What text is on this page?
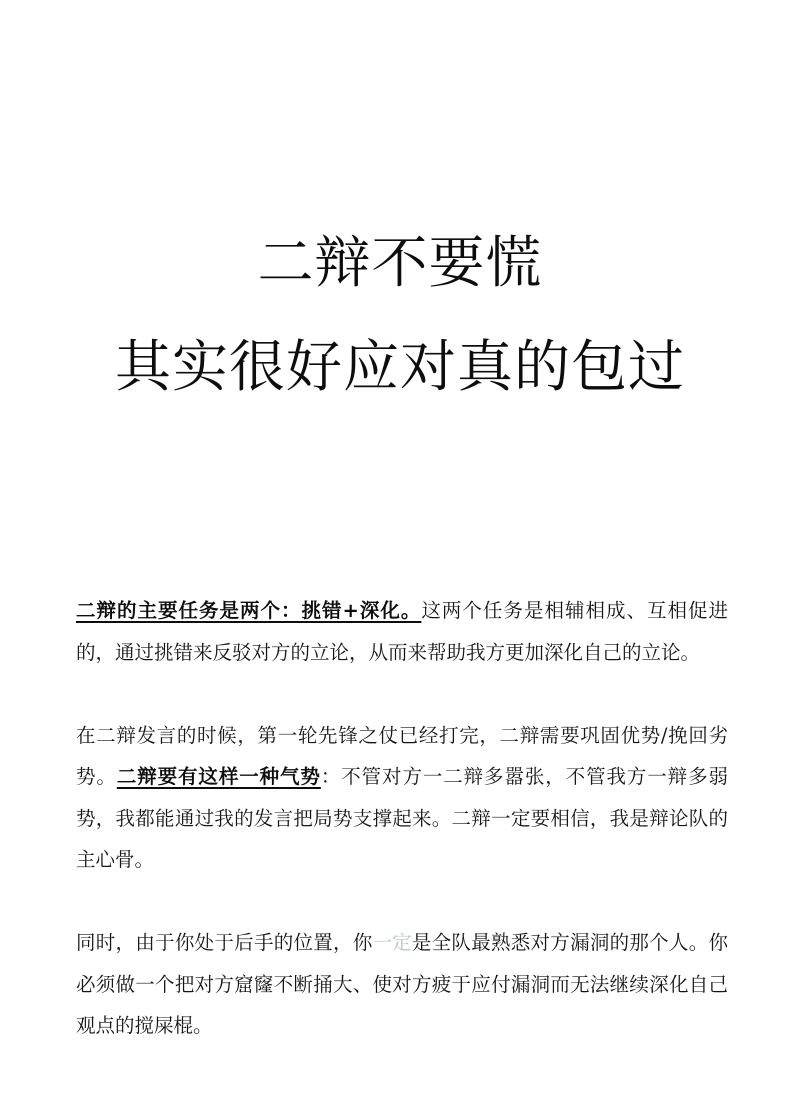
二辩不要慌
其实很好应对真的包过

二辩的主要任务是两个：挑错+深化。这两个任务是相辅相成、互相促进的，通过挑错来反驳对方的立论，从而来帮助我方更加深化自己的立论。

在二辩发言的时候，第一轮先锋之仗已经打完，二辩需要巩固优势/挽回劣势。二辩要有这样一种气势：不管对方一二辩多嚣张，不管我方一辩多弱势，我都能通过我的发言把局势支撑起来。二辩一定要相信，我是辩论队的主心骨。

同时，由于你处于后手的位置，你一定是全队最熟悉对方漏洞的那个人。你必须做一个把对方窟窿不断捅大、使对方疲于应付漏洞而无法继续深化自己观点的搅屎棍。
